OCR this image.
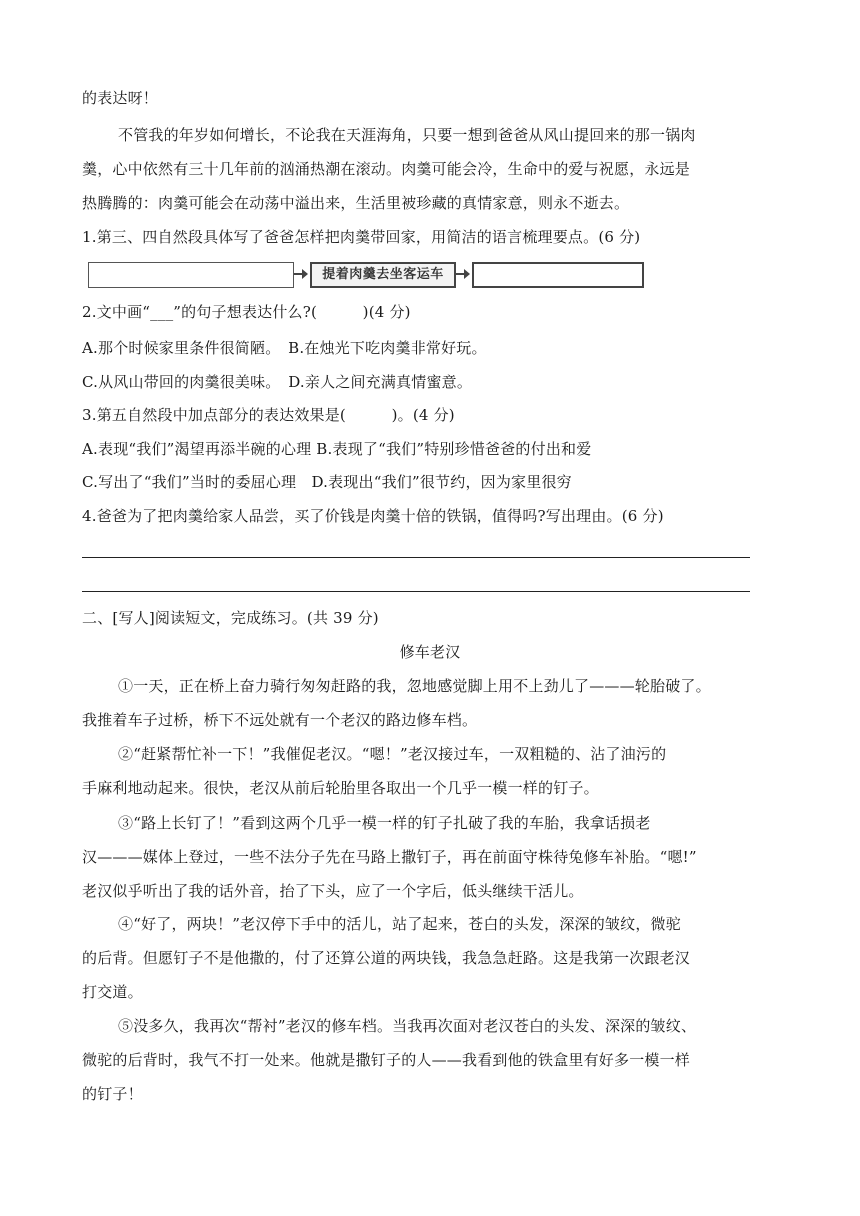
的表达呀！
不管我的年岁如何增长，不论我在天涯海角，只要一想到爸爸从风山提回来的那一锅肉
羹，心中依然有三十几年前的汹涌热潮在滚动。肉羹可能会冷，生命中的爱与祝愿，永远是
热腾腾的：肉羹可能会在动荡中溢出来，生活里被珍藏的真情家意，则永不逝去。
1.第三、四自然段具体写了爸爸怎样把肉羹带回家，用简洁的语言梳理要点。(6 分)
提着肉羹去坐客运车
2.文中画“___”的句子想表达什么?(　　　)(4 分)
A.那个时候家里条件很简陋。　B.在烛光下吃肉羹非常好玩。
C.从风山带回的肉羹很美味。　D.亲人之间充满真情蜜意。
3.第五自然段中加点部分的表达效果是(　　　)。(4 分)
A.表现“我们”渴望再添半碗的心理 B.表现了“我们”特别珍惜爸爸的付出和爱
C.写出了“我们”当时的委屈心理　D.表现出“我们”很节约，因为家里很穷
4.爸爸为了把肉羹给家人品尝，买了价钱是肉羹十倍的铁锅，值得吗?写出理由。(6 分)
二、[写人]阅读短文，完成练习。(共 39 分)
修车老汉
①一天，正在桥上奋力骑行匆匆赶路的我，忽地感觉脚上用不上劲儿了———轮胎破了。
我推着车子过桥，桥下不远处就有一个老汉的路边修车档。
②“赶紧帮忙补一下！”我催促老汉。“嗯！”老汉接过车，一双粗糙的、沾了油污的
手麻利地动起来。很快，老汉从前后轮胎里各取出一个几乎一模一样的钉子。
③“路上长钉了！”看到这两个几乎一模一样的钉子扎破了我的车胎，我拿话损老
汉———媒体上登过，一些不法分子先在马路上撒钉子，再在前面守株待兔修车补胎。“嗯!”
老汉似乎听出了我的话外音，抬了下头，应了一个字后，低头继续干活儿。
④“好了，两块！”老汉停下手中的活儿，站了起来，苍白的头发，深深的皱纹，微驼
的后背。但愿钉子不是他撒的，付了还算公道的两块钱，我急急赶路。这是我第一次跟老汉
打交道。
⑤没多久，我再次“帮衬”老汉的修车档。当我再次面对老汉苍白的头发、深深的皱纹、
微驼的后背时，我气不打一处来。他就是撒钉子的人——我看到他的铁盒里有好多一模一样
的钉子！
